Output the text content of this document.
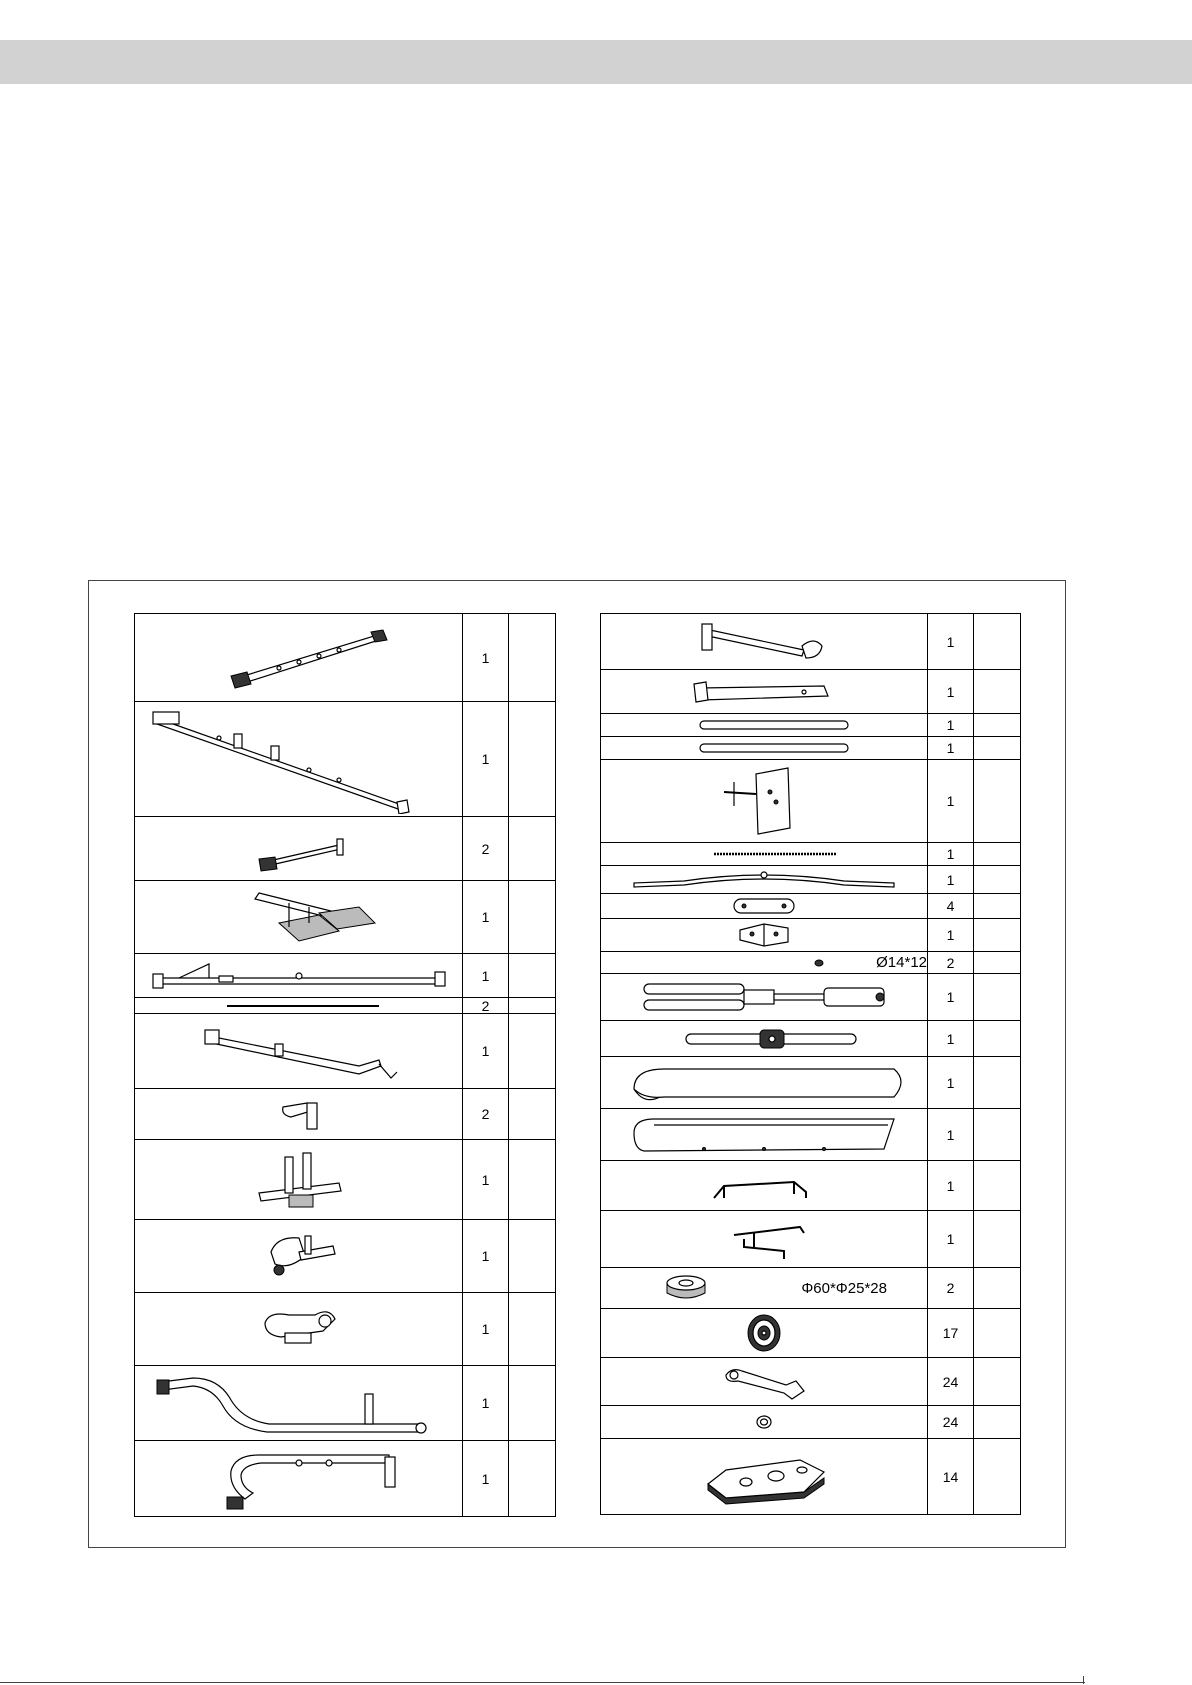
	1	

	1	

	2	

	1	

	1	

	2	

	1	

	2	

	1	

	1	

	1	

	1	

	1	
	1	

	1	

	1	

	1	

	1	

	1	

	1	

	4	

	1	

Ø14*12	2	

	1	

	1	

	1	

	1	

	1	

	1	

Φ60*Φ25*28	2	

	17	

	24	

	24	

	14	
